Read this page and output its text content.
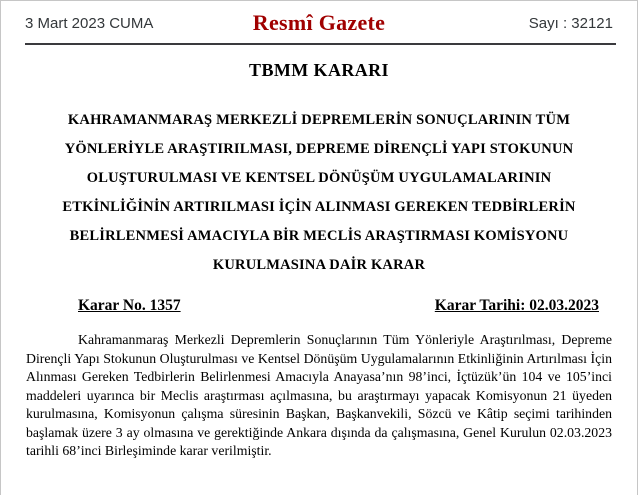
3 Mart 2023 CUMA	Resmî Gazete	Sayı : 32121
TBMM KARARI
KAHRAMANMARAŞ MERKEZLİ DEPREMLERİN SONUÇLARININ TÜM
YÖNLERİYLE ARAŞTIRILMASI, DEPREME DİRENÇLİ YAPI STOKUNUN
OLUŞTURULMASI VE KENTSEL DÖNÜŞÜM UYGULAMALARININ
ETKİNLİĞİNİN ARTIRILMASI İÇİN ALINMASI GEREKEN TEDBİRLERİN
BELİRLENMESİ AMACIYLA BİR MECLİS ARAŞTIRMASI KOMİSYONU
KURULMASINA DAİR KARAR
Karar No. 1357	Karar Tarihi: 02.03.2023

Kahramanmaraş Merkezli Depremlerin Sonuçlarının Tüm Yönleriyle Araştırılması, Depreme Dirençli Yapı Stokunun Oluşturulması ve Kentsel Dönüşüm Uygulamalarının Etkinliğinin Artırılması İçin Alınması Gereken Tedbirlerin Belirlenmesi Amacıyla Anayasa’nın 98’inci, İçtüzük’ün 104 ve 105’inci maddeleri uyarınca bir Meclis araştırması açılmasına, bu araştırmayı yapacak Komisyonun 21 üyeden kurulmasına, Komisyonun çalışma süresinin Başkan, Başkanvekili, Sözcü ve Kâtip seçimi tarihinden başlamak üzere 3 ay olmasına ve gerektiğinde Ankara dışında da çalışmasına, Genel Kurulun 02.03.2023 tarihli 68’inci Birleşiminde karar verilmiştir.
